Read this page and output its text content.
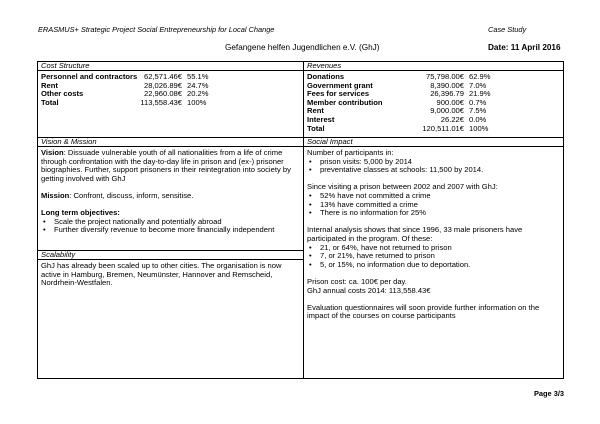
ERASMUS+ Strategic Project Social Entrepreneurship for Local Change	Case Study
Gefangene helfen Jugendlichen e.V. (GhJ)	Date: 11 April 2016
Cost Structure
Personnel and contractors 62,571.46€ 55.1%
Rent	28,026.89€ 24.7%
Other costs	22,960.08€ 20.2%
Total	113,558.43€ 100%
Revenues
Donations	75,798.00€ 62.9%
Government grant	8,390.00€ 7.0%
Fees for services	26,396.79 21.9%
Member contribution	900.00€ 0.7%
Rent	9,000.00€ 7.5%
Interest	26.22€ 0.0%
Total	120,511.01€ 100%
Vision & Mission

Vision: Dissuade vulnerable youth of all nationalities from a life of crime through confrontation with the day-to-day life in prison and (ex-) prisoner biographies. Further, support prisoners in their reintegration into society by getting involved with GhJ

Mission: Confront, discuss, inform, sensitise.

Long term objectives:

• Scale the project nationally and potentially abroad
• Further diversify revenue to become more financially independent
Scalability

GhJ has already been scaled up to other cities. The organisation is now active in Hamburg, Bremen, Neumünster, Hannover and Remscheid, Nordrhein-Westfalen.

Social Impact

Number of participants in:

• prison visits: 5,000 by 2014
• preventative classes at schools: 11,500 by 2014.

Since visiting a prison between 2002 and 2007 with GhJ:

• 52% have not committed a crime
• 13% have committed a crime
• There is no information for 25%

Internal analysis shows that since 1996, 33 male prisoners have participated in the program. Of these:

• 21, or 64%, have not returned to prison
• 7, or 21%, have returned to prison
• 5, or 15%, no information due to deportation.

Prison cost: ca. 100€ per day.

GhJ annual costs 2014: 113,558.43€

Evaluation questionnaires will soon provide further information on the impact of the courses on course participants

Page 3/3
